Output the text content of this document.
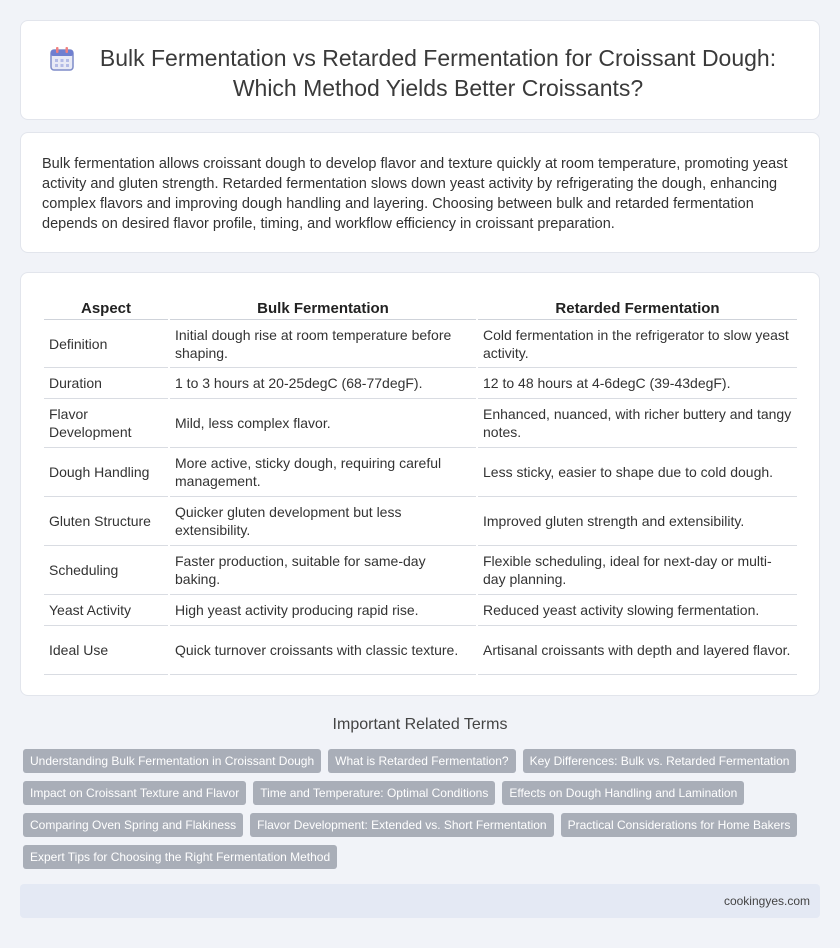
Bulk Fermentation vs Retarded Fermentation for Croissant Dough: Which Method Yields Better Croissants?

Bulk fermentation allows croissant dough to develop flavor and texture quickly at room temperature, promoting yeast activity and gluten strength. Retarded fermentation slows down yeast activity by refrigerating the dough, enhancing complex flavors and improving dough handling and layering. Choosing between bulk and retarded fermentation depends on desired flavor profile, timing, and workflow efficiency in croissant preparation.

Aspect	Bulk Fermentation	Retarded Fermentation
Definition	Initial dough rise at room temperature before shaping.	Cold fermentation in the refrigerator to slow yeast activity.
Duration	1 to 3 hours at 20-25degC (68-77degF).	12 to 48 hours at 4-6degC (39-43degF).
Flavor Development	Mild, less complex flavor.	Enhanced, nuanced, with richer buttery and tangy notes.
Dough Handling	More active, sticky dough, requiring careful management.	Less sticky, easier to shape due to cold dough.
Gluten Structure	Quicker gluten development but less extensibility.	Improved gluten strength and extensibility.
Scheduling	Faster production, suitable for same-day baking.	Flexible scheduling, ideal for next-day or multi-day planning.
Yeast Activity	High yeast activity producing rapid rise.	Reduced yeast activity slowing fermentation.
Ideal Use	Quick turnover croissants with classic texture.	Artisanal croissants with depth and layered flavor.
Important Related Terms
Understanding Bulk Fermentation in Croissant Dough	What is Retarded Fermentation?	Key Differences: Bulk vs. Retarded Fermentation
Impact on Croissant Texture and Flavor	Time and Temperature: Optimal Conditions	Effects on Dough Handling and Lamination
Comparing Oven Spring and Flakiness	Flavor Development: Extended vs. Short Fermentation	Practical Considerations for Home Bakers
Expert Tips for Choosing the Right Fermentation Method
cookingyes.com
